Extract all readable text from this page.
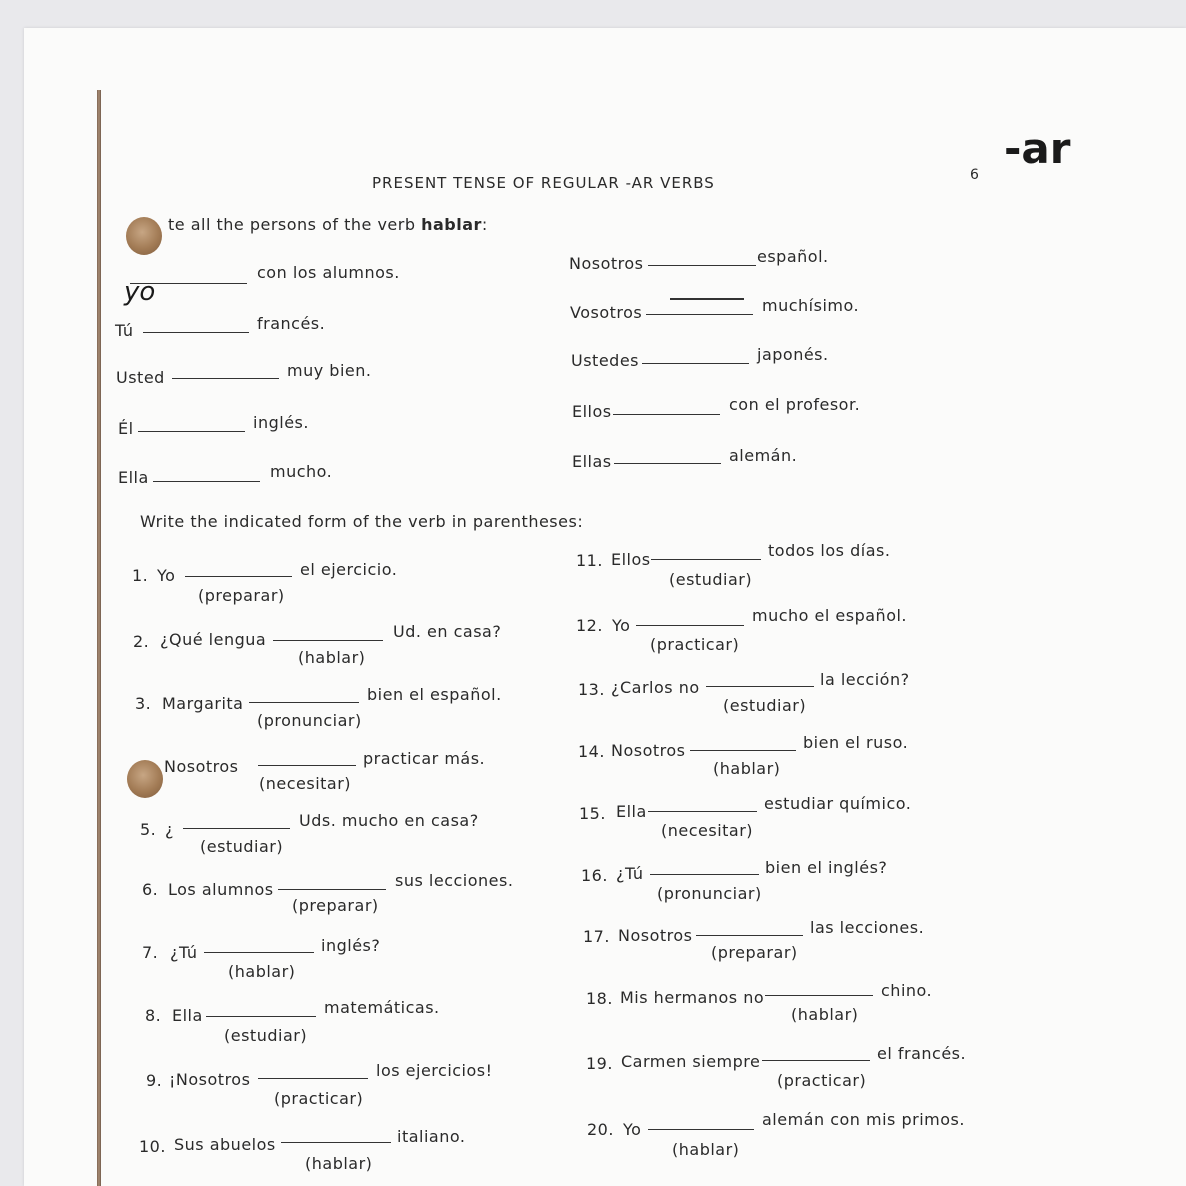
PRESENT TENSE OF REGULAR -AR VERBS	6
-ar
te all the persons of the verb hablar:
yo
con los alumnos.
Tú	francés.
Usted	muy bien.
Él	inglés.
Ella	mucho.
Nosotros	español.
Vosotros	muchísimo.
Ustedes	japonés.
Ellos	con el profesor.
Ellas	alemán.
Write the indicated form of the verb in parentheses:
1. Yo	el ejercicio.
(preparar)
2. ¿Qué lengua	Ud. en casa?
(hablar)
3. Margarita	bien el español.
(pronunciar)
Nosotros	practicar más.
(necesitar)
5. ¿	Uds. mucho en casa?
(estudiar)
6. Los alumnos	sus lecciones.
(preparar)
7. ¿Tú	inglés?
(hablar)
8. Ella	matemáticas.
(estudiar)
9. ¡Nosotros	los ejercicios!
(practicar)
10. Sus abuelos	italiano.
(hablar)
11. Ellos	todos los días.
(estudiar)
12. Yo
mucho el español.
(practicar)
13. ¿Carlos no	la lección?
(estudiar)
14. Nosotros	bien el ruso.
(hablar)
15. Ella	estudiar químico.
(necesitar)
16. ¿Tú	bien el inglés?
(pronunciar)
17. Nosotros	las lecciones.
(preparar)
18. Mis hermanos no	chino.
(hablar)
19. Carmen siempre	el francés.
(practicar)
20. Yo
alemán con mis primos.
(hablar)
